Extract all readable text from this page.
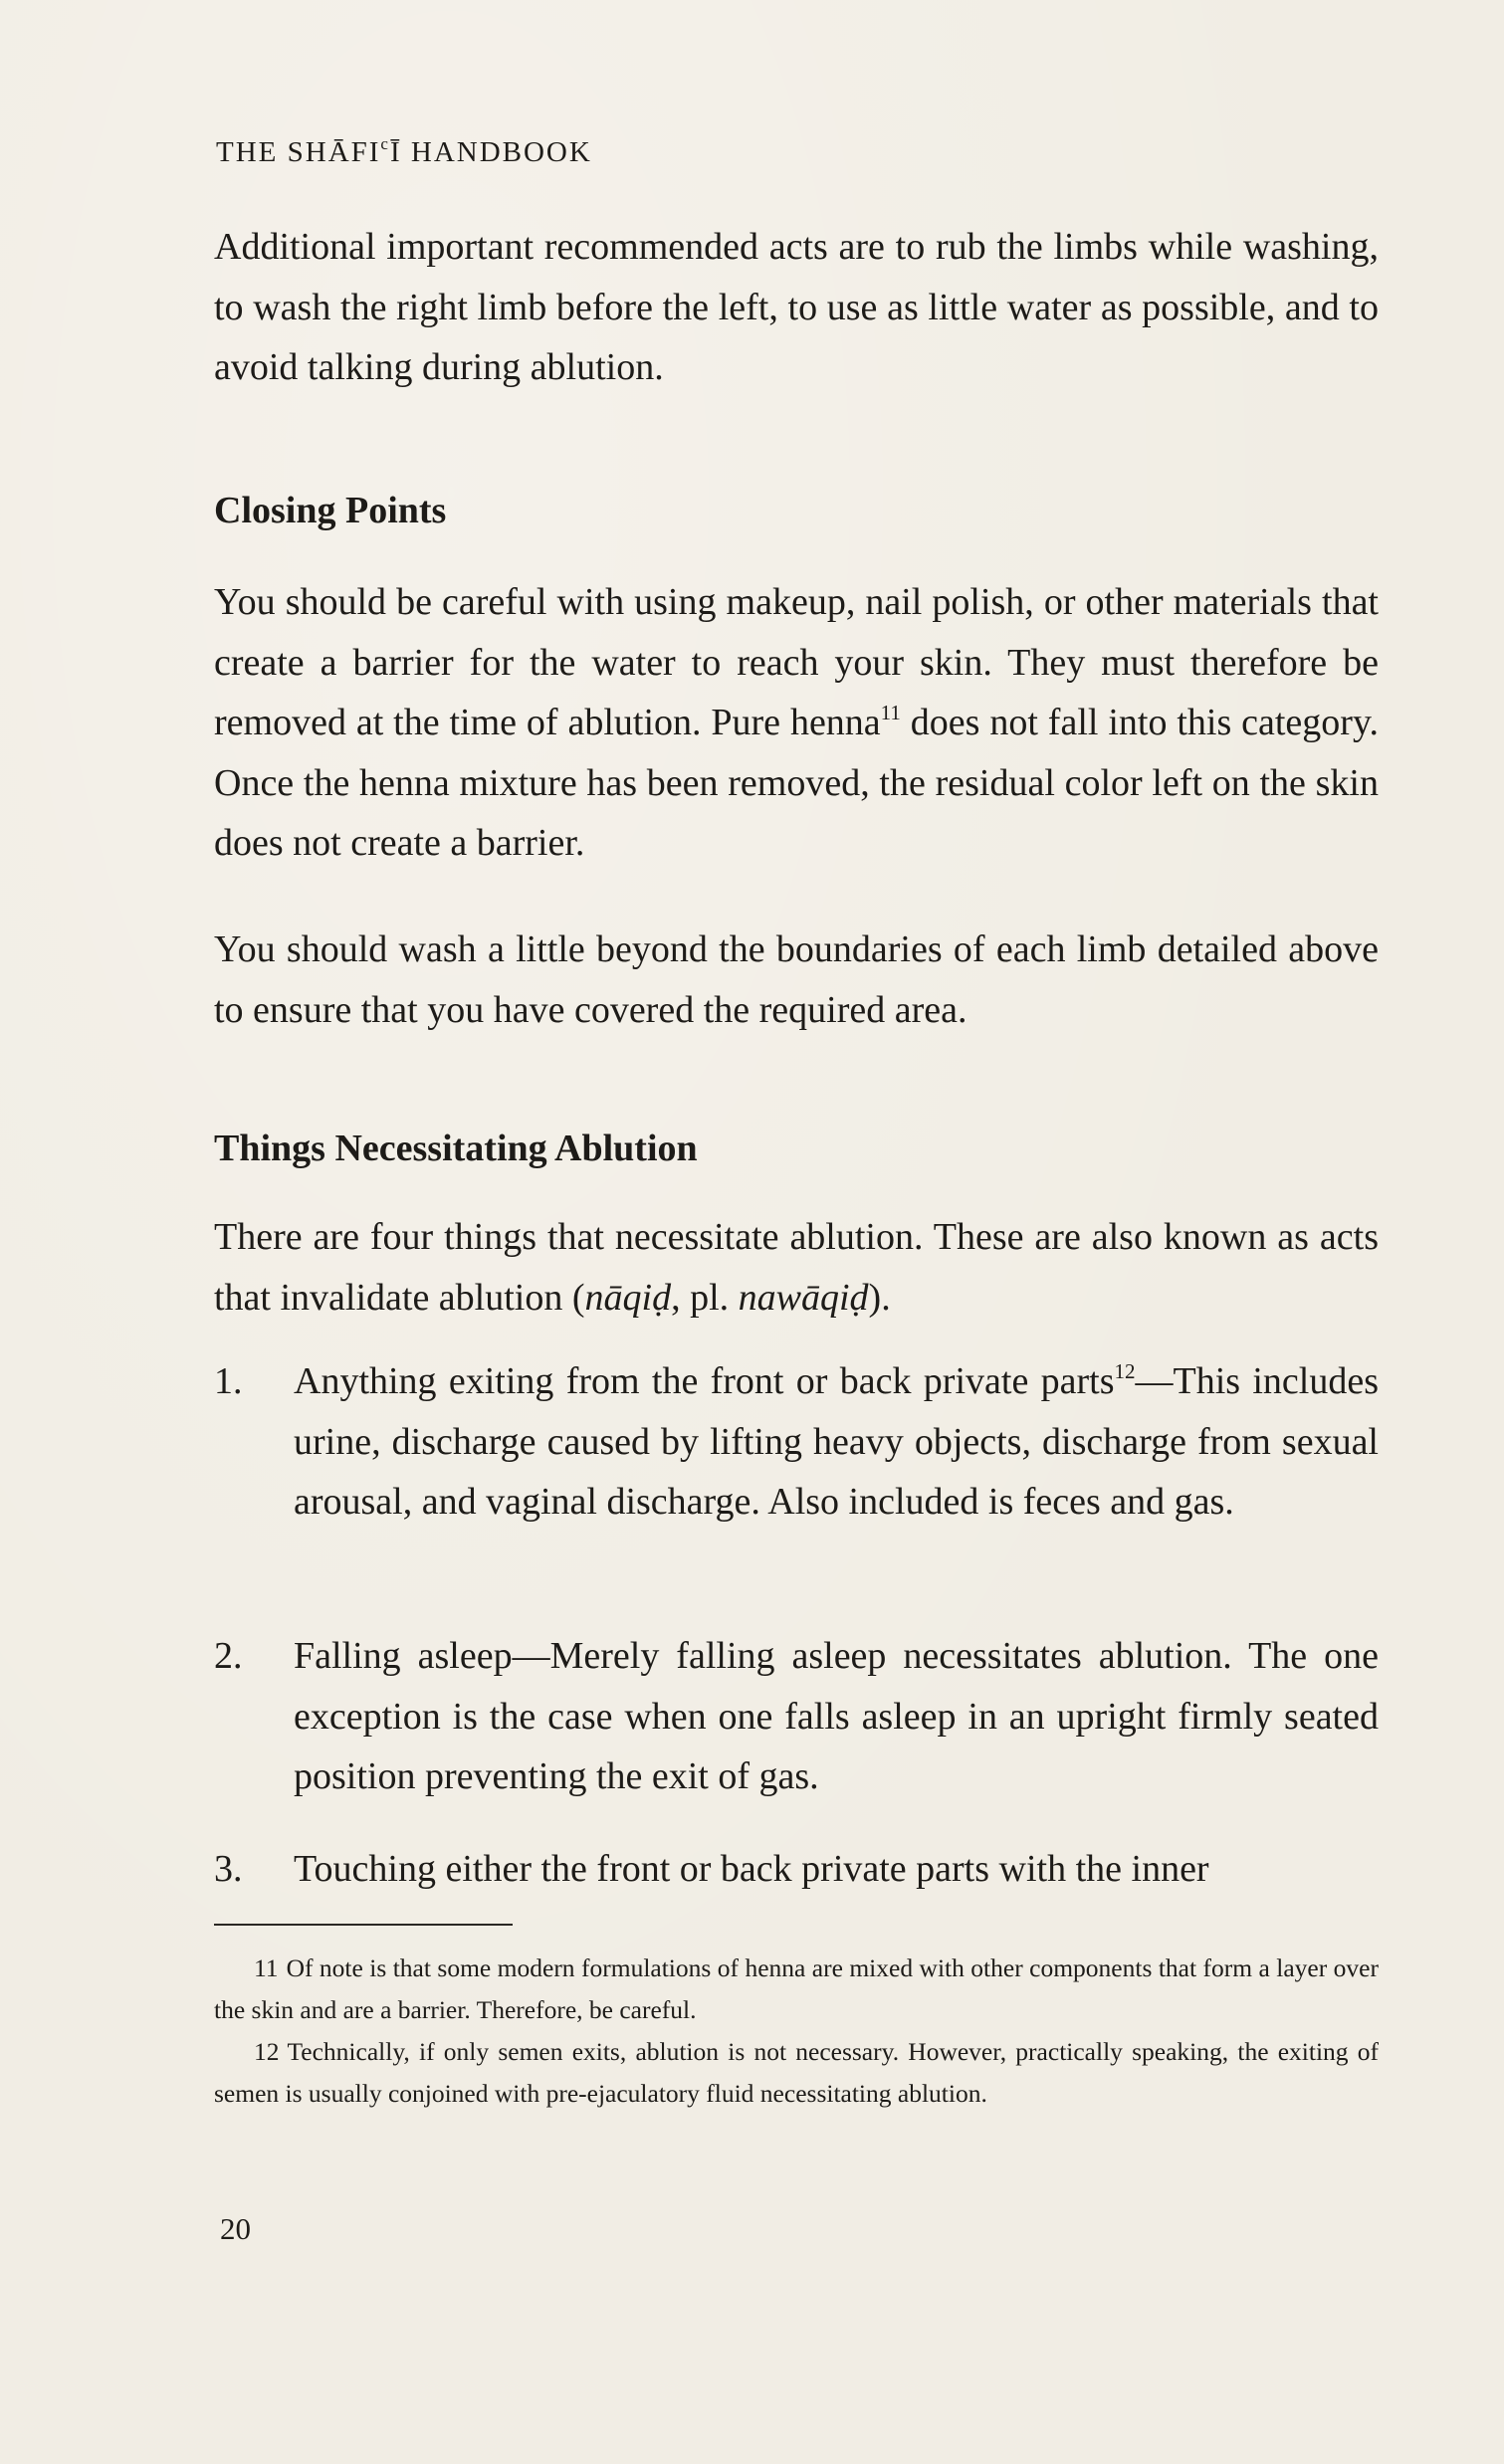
THE SHĀFI$^c$Ī HANDBOOK

Additional important recommended acts are to rub the limbs while washing, to wash the right limb before the left, to use as little water as possible, and to avoid talking during ablution.

Closing Points

You should be careful with using makeup, nail polish, or other materials that create a barrier for the water to reach your skin. They must therefore be removed at the time of ablution. Pure henna$^{11}$ does not fall into this category. Once the henna mixture has been removed, the residual color left on the skin does not create a barrier.

You should wash a little beyond the boundaries of each limb detailed above to ensure that you have covered the required area.

Things Necessitating Ablution

There are four things that necessitate ablution. These are also known as acts that invalidate ablution (nāqiḍ, pl. nawāqiḍ).

1.	Anything exiting from the front or back private parts$^{12}$—This includes urine, discharge caused by lifting heavy objects, discharge from sexual arousal, and vaginal discharge. Also included is feces and gas.
2.	Falling asleep—Merely falling asleep necessitates ablution. The one exception is the case when one falls asleep in an upright firmly seated position preventing the exit of gas.
3.	Touching either the front or back private parts with the inner
11 Of note is that some modern formulations of henna are mixed with other components that form a layer over the skin and are a barrier. Therefore, be careful.
12 Technically, if only semen exits, ablution is not necessary. However, practically speaking, the exiting of semen is usually conjoined with pre-ejaculatory fluid necessitating ablution.
20
